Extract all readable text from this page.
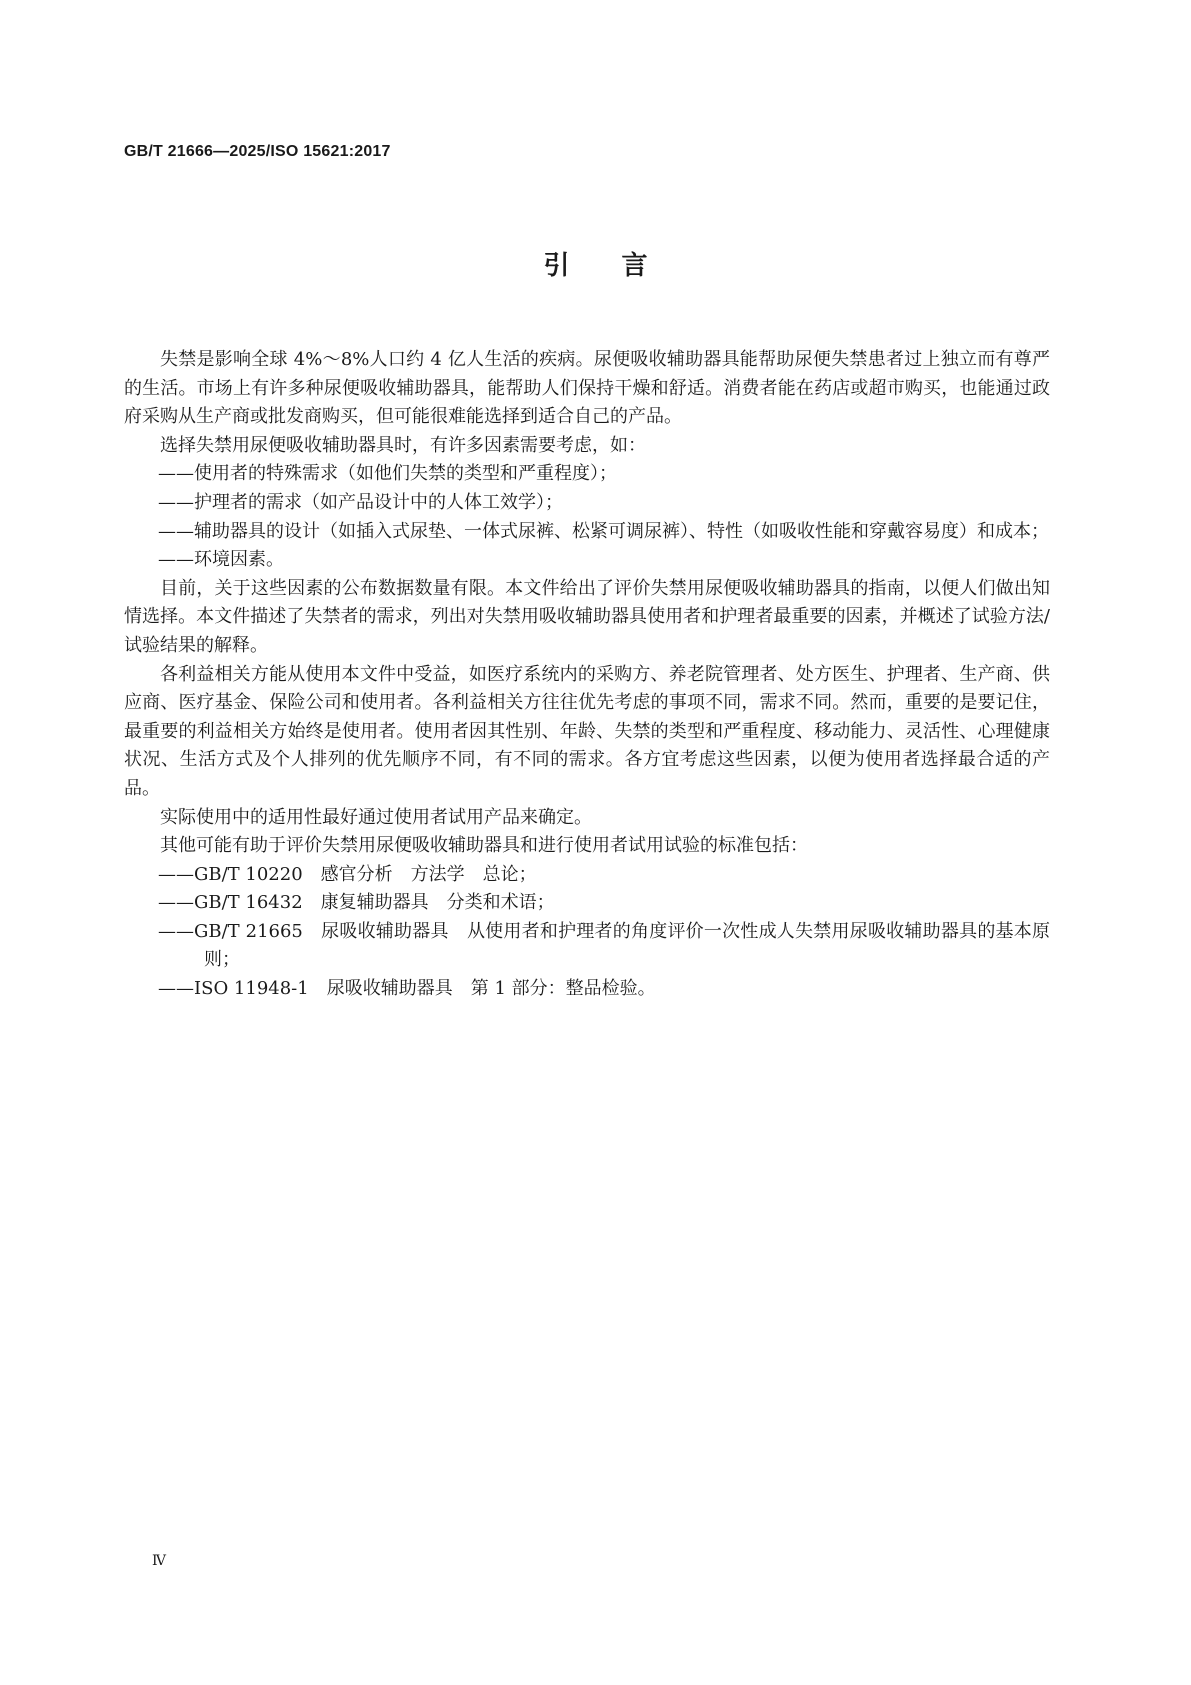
GB/T 21666—2025/ISO 15621:2017
引 言

失禁是影响全球 4%～8%人口约 4 亿人生活的疾病。尿便吸收辅助器具能帮助尿便失禁患者过上独立而有尊严的生活。市场上有许多种尿便吸收辅助器具，能帮助人们保持干燥和舒适。消费者能在药店或超市购买，也能通过政府采购从生产商或批发商购买，但可能很难能选择到适合自己的产品。

选择失禁用尿便吸收辅助器具时，有许多因素需要考虑，如：

——使用者的特殊需求（如他们失禁的类型和严重程度）；
——护理者的需求（如产品设计中的人体工效学）；
——辅助器具的设计（如插入式尿垫、一体式尿裤、松紧可调尿裤）、特性（如吸收性能和穿戴容易度）和成本；
——环境因素。

目前，关于这些因素的公布数据数量有限。本文件给出了评价失禁用尿便吸收辅助器具的指南，以便人们做出知情选择。本文件描述了失禁者的需求，列出对失禁用吸收辅助器具使用者和护理者最重要的因素，并概述了试验方法/试验结果的解释。

各利益相关方能从使用本文件中受益，如医疗系统内的采购方、养老院管理者、处方医生、护理者、生产商、供应商、医疗基金、保险公司和使用者。各利益相关方往往优先考虑的事项不同，需求不同。然而，重要的是要记住，最重要的利益相关方始终是使用者。使用者因其性别、年龄、失禁的类型和严重程度、移动能力、灵活性、心理健康状况、生活方式及个人排列的优先顺序不同，有不同的需求。各方宜考虑这些因素，以便为使用者选择最合适的产品。

实际使用中的适用性最好通过使用者试用产品来确定。

其他可能有助于评价失禁用尿便吸收辅助器具和进行使用者试用试验的标准包括：

——GB/T 10220 感官分析 方法学 总论；
——GB/T 16432 康复辅助器具 分类和术语；
——GB/T 21665 尿吸收辅助器具 从使用者和护理者的角度评价一次性成人失禁用尿吸收辅助器具的基本原则；
——ISO 11948-1 尿吸收辅助器具 第 1 部分：整品检验。
Ⅳ
